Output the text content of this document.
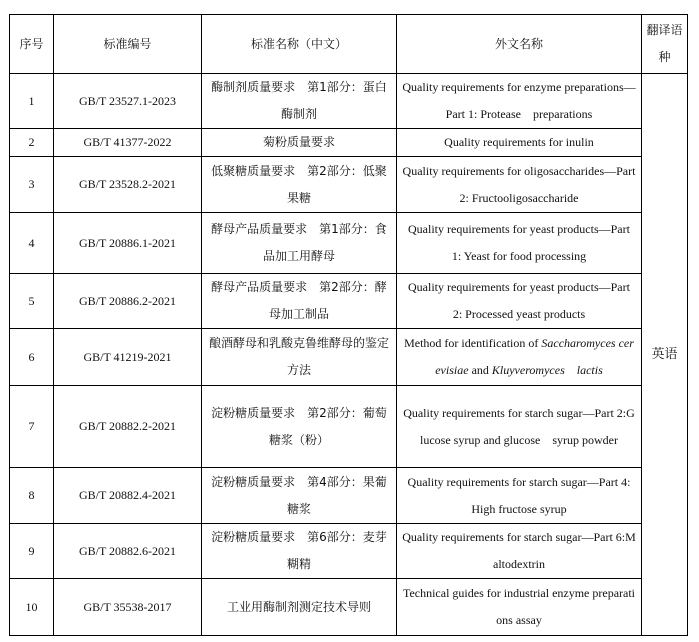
序号	标准编号	标准名称（中文）	外文名称	翻译语种
1	GB/T 23527.1-2023	酶制剂质量要求　第1部分：蛋白酶制剂	Quality requirements for enzyme preparations—Part 1: Protease　preparations	英语
2	GB/T 41377-2022	菊粉质量要求	Quality requirements for inulin	
3	GB/T 23528.2-2021	低聚糖质量要求　第2部分：低聚果糖	Quality requirements for oligosaccharides—Part 2: Fructooligosaccharide	
4	GB/T 20886.1-2021	酵母产品质量要求　第1部分：食品加工用酵母	Quality requirements for yeast products—Part 1: Yeast for food processing	
5	GB/T 20886.2-2021	酵母产品质量要求　第2部分：酵母加工制品	Quality requirements for yeast products—Part 2: Processed yeast products	
6	GB/T 41219-2021	酿酒酵母和乳酸克鲁维酵母的鉴定方法	Method for identification of Saccharomyces cerevisiae and Kluyveromyces　lactis	
7	GB/T 20882.2-2021	淀粉糖质量要求　第2部分：葡萄糖浆（粉）	Quality requirements for starch sugar—Part 2:Glucose syrup and glucose　syrup powder	
8	GB/T 20882.4-2021	淀粉糖质量要求　第4部分：果葡糖浆	Quality requirements for starch sugar—Part 4: High fructose syrup	
9	GB/T 20882.6-2021	淀粉糖质量要求　第6部分：麦芽糊精	Quality requirements for starch sugar—Part 6:Maltodextrin	
10	GB/T 35538-2017	工业用酶制剂测定技术导则	Technical guides for industrial enzyme preparations assay	
